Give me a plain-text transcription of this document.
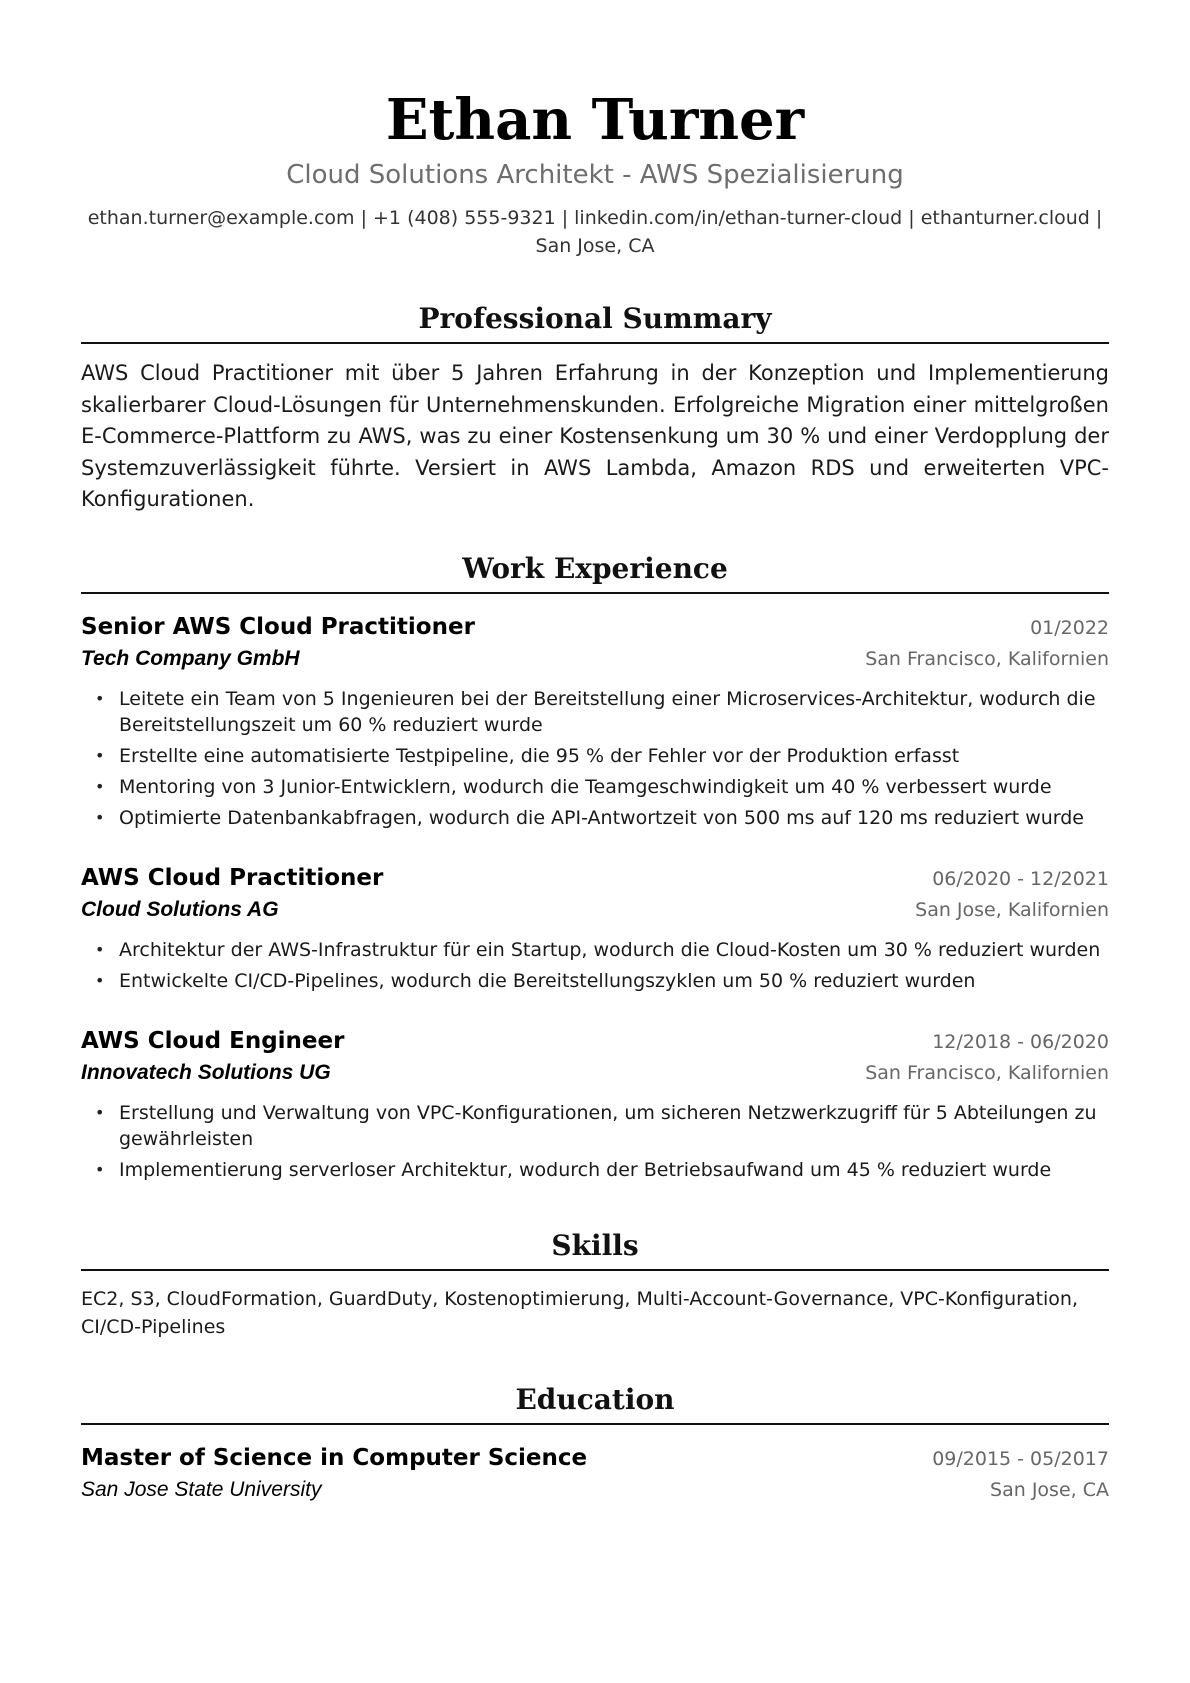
Ethan Turner
Cloud Solutions Architekt - AWS Spezialisierung
ethan.turner@example.com | +1 (408) 555-9321 | linkedin.com/in/ethan-turner-cloud | ethanturner.cloud | San Jose, CA
Professional Summary
AWS Cloud Practitioner mit über 5 Jahren Erfahrung in der Konzeption und Implementierung skalierbarer Cloud-Lösungen für Unternehmenskunden. Erfolgreiche Migration einer mittelgroßen E-Commerce-Plattform zu AWS, was zu einer Kostensenkung um 30 % und einer Verdopplung der Systemzuverlässigkeit führte. Versiert in AWS Lambda, Amazon RDS und erweiterten VPC-Konfigurationen.
Work Experience
Senior AWS Cloud Practitioner	01/2022
Tech Company GmbH	San Francisco, Kalifornien
• Leitete ein Team von 5 Ingenieuren bei der Bereitstellung einer Microservices-Architektur, wodurch die Bereitstellungszeit um 60 % reduziert wurde
• Erstellte eine automatisierte Testpipeline, die 95 % der Fehler vor der Produktion erfasst
• Mentoring von 3 Junior-Entwicklern, wodurch die Teamgeschwindigkeit um 40 % verbessert wurde
• Optimierte Datenbankabfragen, wodurch die API-Antwortzeit von 500 ms auf 120 ms reduziert wurde
AWS Cloud Practitioner	06/2020 - 12/2021
Cloud Solutions AG	San Jose, Kalifornien
• Architektur der AWS-Infrastruktur für ein Startup, wodurch die Cloud-Kosten um 30 % reduziert wurden
• Entwickelte CI/CD-Pipelines, wodurch die Bereitstellungszyklen um 50 % reduziert wurden
AWS Cloud Engineer	12/2018 - 06/2020
Innovatech Solutions UG	San Francisco, Kalifornien
• Erstellung und Verwaltung von VPC-Konfigurationen, um sicheren Netzwerkzugriff für 5 Abteilungen zu gewährleisten
• Implementierung serverloser Architektur, wodurch der Betriebsaufwand um 45 % reduziert wurde
Skills
EC2, S3, CloudFormation, GuardDuty, Kostenoptimierung, Multi-Account-Governance, VPC-Konfiguration, CI/CD-Pipelines
Education
Master of Science in Computer Science	09/2015 - 05/2017
San Jose State University	San Jose, CA
